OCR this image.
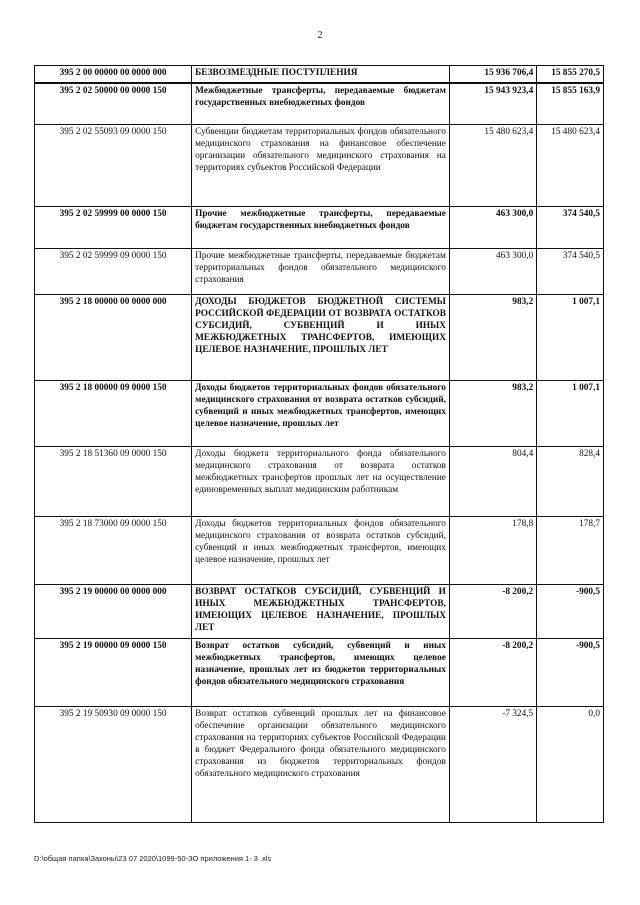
2
395 2 00 00000 00 0000 000	БЕЗВОЗМЕЗДНЫЕ ПОСТУПЛЕНИЯ	15 936 706,4	15 855 270,5
395 2 02 50000 00 0000 150	Межбюджетные трансферты, передаваемые бюджетам государственных внебюджетных фондов	15 943 923,4	15 855 163,9
395 2 02 55093 09 0000 150	Субвенции бюджетам территориальных фондов обязательного медицинского страхования на финансовое обеспечение организации обязательного медицинского страхования на территориях субъектов Российской Федерации	15 480 623,4	15 480 623,4
395 2 02 59999 00 0000 150	Прочие межбюджетные трансферты, передаваемые бюджетам государственных внебюджетных фондов	463 300,0	374 540,5
395 2 02 59999 09 0000 150	Прочие межбюджетные трансферты, передаваемые бюджетам территориальных фондов обязательного медицинского страхования	463 300,0	374 540,5
395 2 18 00000 00 0000 000	ДОХОДЫ БЮДЖЕТОВ БЮДЖЕТНОЙ СИСТЕМЫ РОССИЙСКОЙ ФЕДЕРАЦИИ ОТ ВОЗВРАТА ОСТАТКОВ СУБСИДИЙ, СУБВЕНЦИЙ И ИНЫХ МЕЖБЮДЖЕТНЫХ ТРАНСФЕРТОВ, ИМЕЮЩИХ ЦЕЛЕВОЕ НАЗНАЧЕНИЕ, ПРОШЛЫХ ЛЕТ	983,2	1 007,1
395 2 18 00000 09 0000 150	Доходы бюджетов территориальных фондов обязательного медицинского страхования от возврата остатков субсидий, субвенций и иных межбюджетных трансфертов, имеющих целевое назначение, прошлых лет	983,2	1 007,1
395 2 18 51360 09 0000 150	Доходы бюджета территориального фонда обязательного медицинского страхования от возврата остатков межбюджетных трансфертов прошлых лет на осуществление единовременных выплат медицинским работникам	804,4	828,4
395 2 18 73000 09 0000 150	Доходы бюджетов территориальных фондов обязательного медицинского страхования от возврата остатков субсидий, субвенций и иных межбюджетных трансфертов, имеющих целевое назначение, прошлых лет	178,8	178,7
395 2 19 00000 00 0000 000	ВОЗВРАТ ОСТАТКОВ СУБСИДИЙ, СУБВЕНЦИЙ И ИНЫХ МЕЖБЮДЖЕТНЫХ ТРАНСФЕРТОВ, ИМЕЮЩИХ ЦЕЛЕВОЕ НАЗНАЧЕНИЕ, ПРОШЛЫХ ЛЕТ	-8 200,2	-900,5
395 2 19 00000 09 0000 150	Возврат остатков субсидий, субвенций и иных межбюджетных трансфертов, имеющих целевое назначение, прошлых лет из бюджетов территориальных фондов обязательного медицинского страхования	-8 200,2	-900,5
395 2 19 50930 09 0000 150	Возврат остатков субвенций прошлых лет на финансовое обеспечение организации обязательного медицинского страхования на территориях субъектов Российской Федерации в бюджет Федерального фонда обязательного медицинского страхования из бюджетов территориальных фондов обязательного медицинского страхования	-7 324,5	0,0
D:\общая папка\Законы\23 07 2020\1099-50-ЗО приложения 1- 3 .xls
